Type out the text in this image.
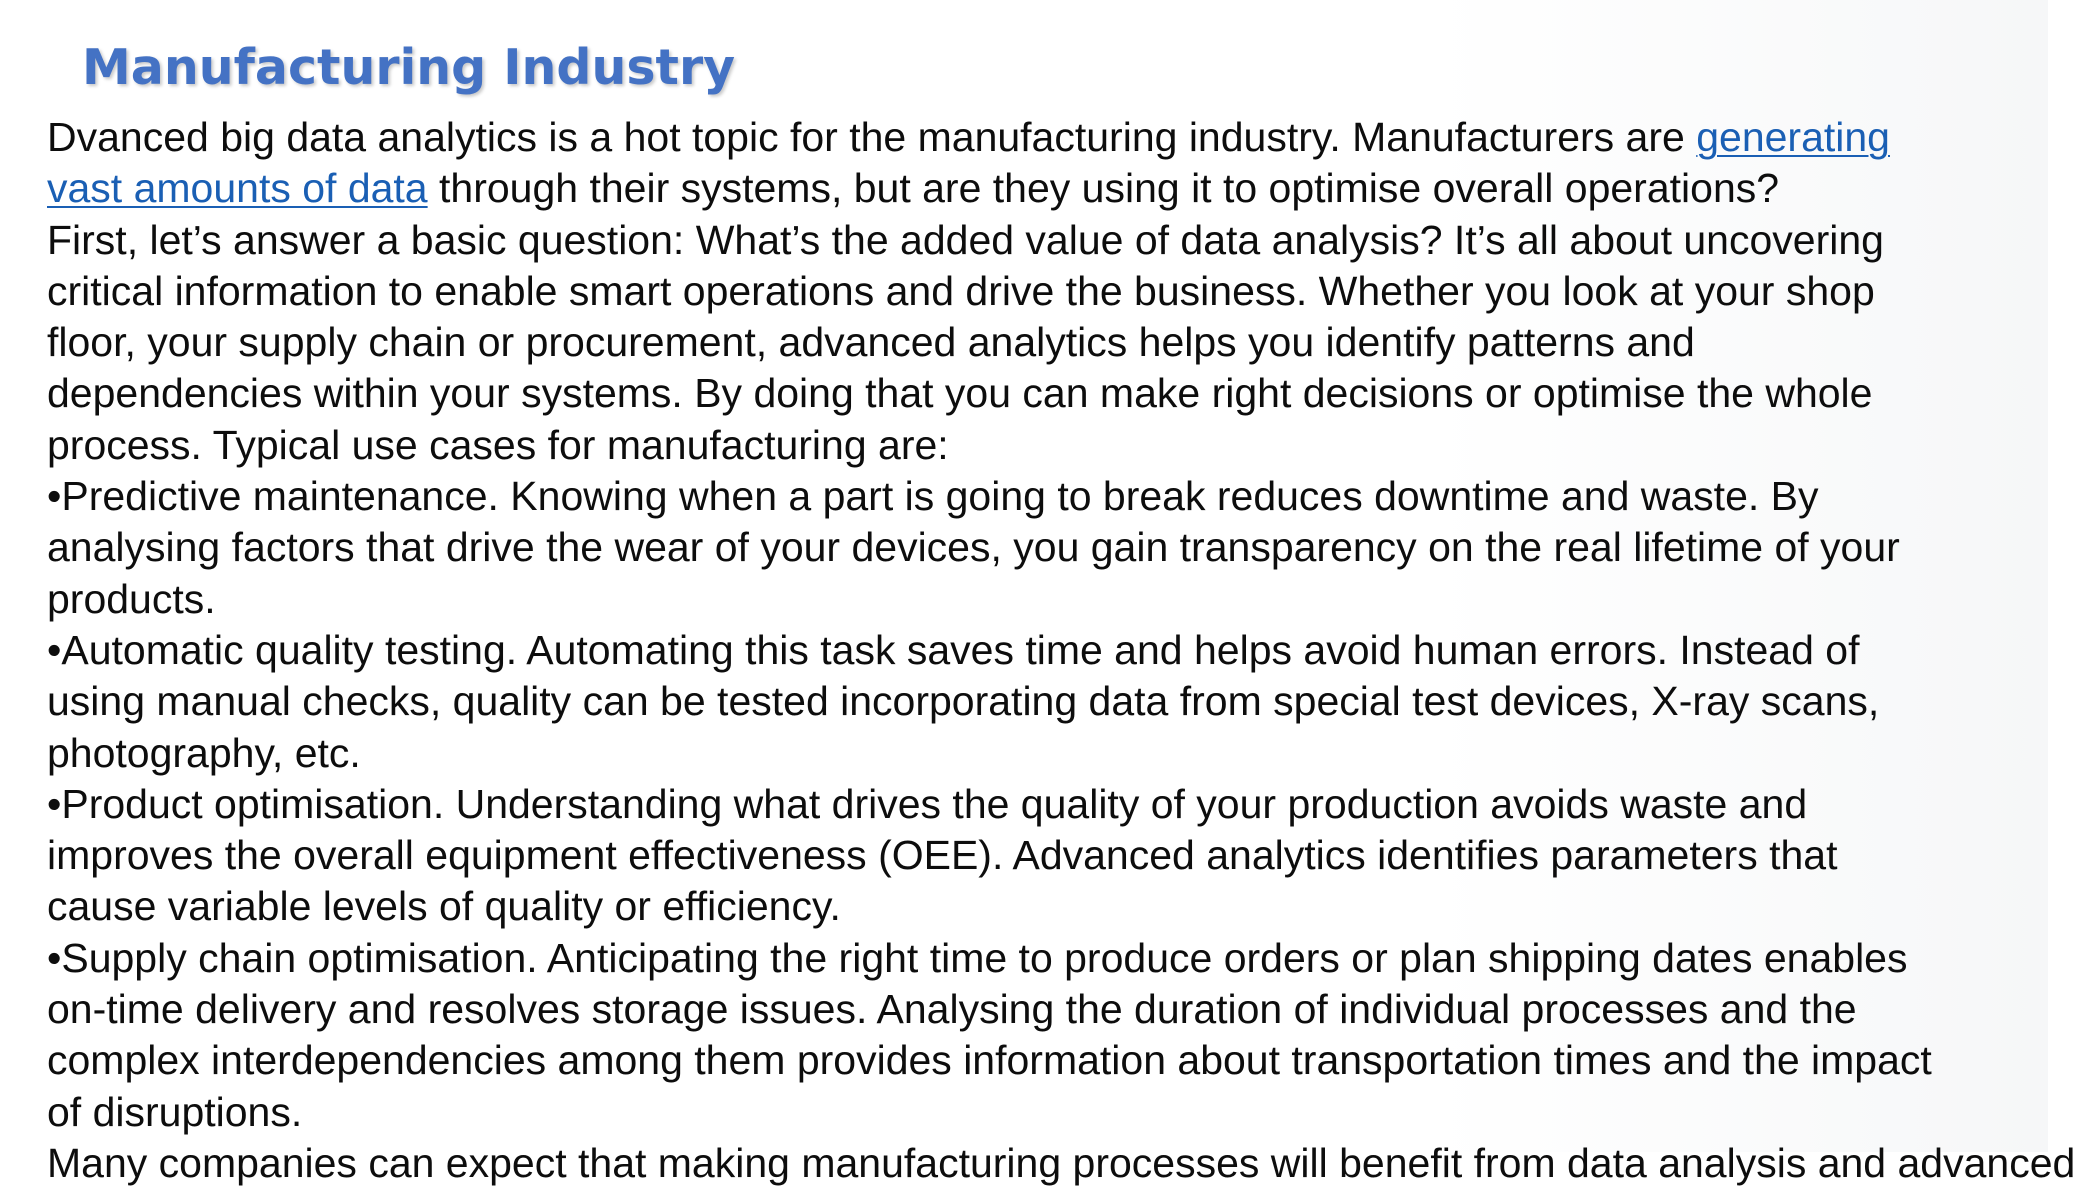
Manufacturing Industry
Dvanced big data analytics is a hot topic for the manufacturing industry. Manufacturers are generating
vast amounts of data through their systems, but are they using it to optimise overall operations?
First, let’s answer a basic question: What’s the added value of data analysis? It’s all about uncovering
critical information to enable smart operations and drive the business. Whether you look at your shop
floor, your supply chain or procurement, advanced analytics helps you identify patterns and
dependencies within your systems. By doing that you can make right decisions or optimise the whole
process. Typical use cases for manufacturing are:
•Predictive maintenance. Knowing when a part is going to break reduces downtime and waste. By
analysing factors that drive the wear of your devices, you gain transparency on the real lifetime of your
products.
•Automatic quality testing. Automating this task saves time and helps avoid human errors. Instead of
using manual checks, quality can be tested incorporating data from special test devices, X-ray scans,
photography, etc.
•Product optimisation. Understanding what drives the quality of your production avoids waste and
improves the overall equipment effectiveness (OEE). Advanced analytics identifies parameters that
cause variable levels of quality or efficiency.
•Supply chain optimisation. Anticipating the right time to produce orders or plan shipping dates enables
on-time delivery and resolves storage issues. Analysing the duration of individual processes and the
complex interdependencies among them provides information about transportation times and the impact
of disruptions.
Many companies can expect that making manufacturing processes will benefit from data analysis and advanced
